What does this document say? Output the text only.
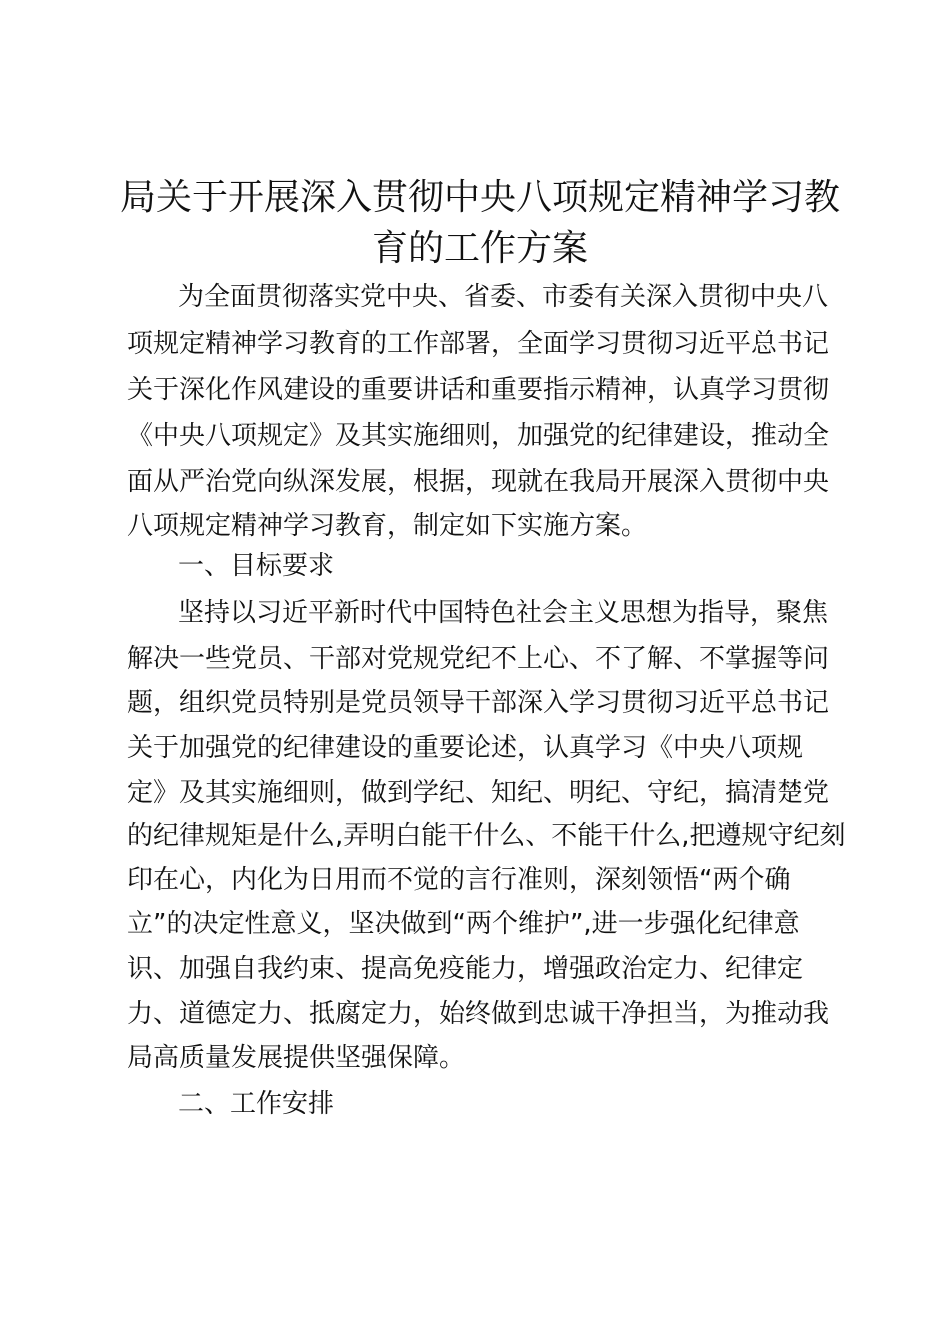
局关于开展深入贯彻中央八项规定精神学习教
育的工作方案
为全面贯彻落实党中央、省委、市委有关深入贯彻中央八
项规定精神学习教育的工作部署，全面学习贯彻习近平总书记
关于深化作风建设的重要讲话和重要指示精神，认真学习贯彻
《中央八项规定》及其实施细则，加强党的纪律建设，推动全
面从严治党向纵深发展，根据，现就在我局开展深入贯彻中央
八项规定精神学习教育，制定如下实施方案。
一、目标要求
坚持以习近平新时代中国特色社会主义思想为指导，聚焦
解决一些党员、干部对党规党纪不上心、不了解、不掌握等问
题，组织党员特别是党员领导干部深入学习贯彻习近平总书记
关于加强党的纪律建设的重要论述，认真学习《中央八项规
定》及其实施细则，做到学纪、知纪、明纪、守纪，搞清楚党
的纪律规矩是什么,弄明白能干什么、不能干什么,把遵规守纪刻
印在心，内化为日用而不觉的言行准则，深刻领悟“两个确
立”的决定性意义，坚决做到“两个维护”,进一步强化纪律意
识、加强自我约束、提高免疫能力，增强政治定力、纪律定
力、道德定力、抵腐定力，始终做到忠诚干净担当，为推动我
局高质量发展提供坚强保障。
二、工作安排
